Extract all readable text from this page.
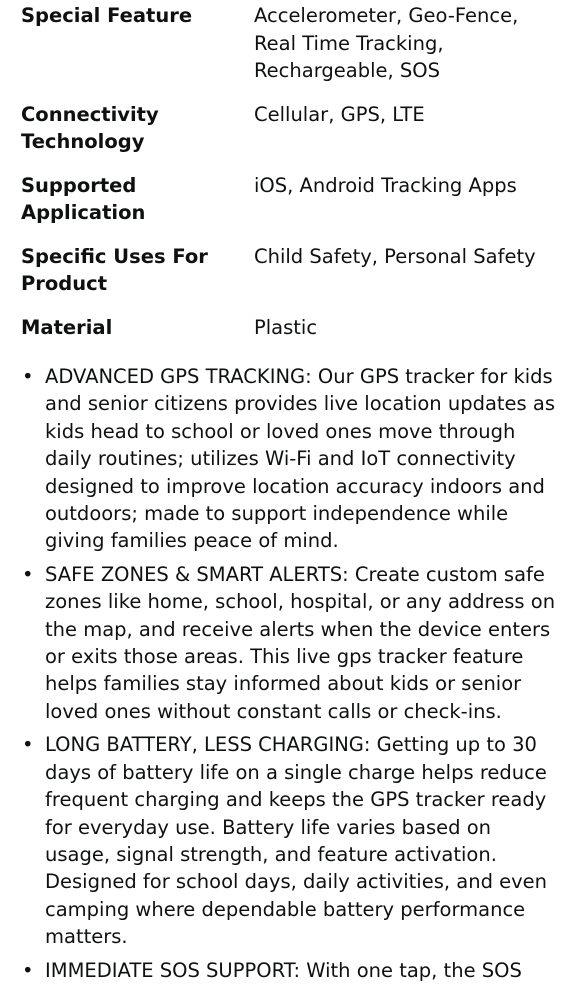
Special Feature	Accelerometer, Geo-Fence, Real Time Tracking, Rechargeable, SOS
Connectivity Technology
Cellular, GPS, LTE
Supported Application
iOS, Android Tracking Apps
Specific Uses For Product
Child Safety, Personal Safety
Material	Plastic
• ADVANCED GPS TRACKING: Our GPS tracker for kids and senior citizens provides live location updates as kids head to school or loved ones move through daily routines; utilizes Wi-Fi and IoT connectivity designed to improve location accuracy indoors and outdoors; made to support independence while giving families peace of mind.
• SAFE ZONES & SMART ALERTS: Create custom safe zones like home, school, hospital, or any address on the map, and receive alerts when the device enters or exits those areas. This live gps tracker feature helps families stay informed about kids or senior loved ones without constant calls or check-ins.
• LONG BATTERY, LESS CHARGING: Getting up to 30 days of battery life on a single charge helps reduce frequent charging and keeps the GPS tracker ready for everyday use. Battery life varies based on usage, signal strength, and feature activation. Designed for school days, daily activities, and even camping where dependable battery performance matters.
• IMMEDIATE SOS SUPPORT: With one tap, the SOS
